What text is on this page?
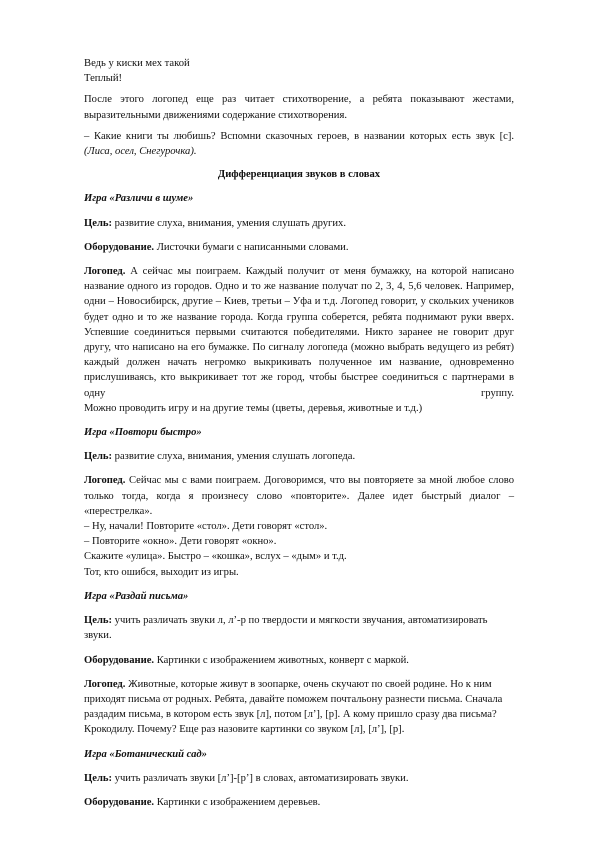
Ведь у киски мех такой

Теплый!

После этого логопед еще раз читает стихотворение, а ребята показывают жестами, выразительными движениями содержание стихотворения.

– Какие книги ты любишь? Вспомни сказочных героев, в названии которых есть звук [с]. (Лиса, осел, Снегурочка).

Дифференциация звуков в словах
Игра «Различи в шуме»

Цель: развитие слуха, внимания, умения слушать других.

Оборудование. Листочки бумаги с написанными словами.

Логопед. А сейчас мы поиграем. Каждый получит от меня бумажку, на которой написано название одного из городов. Одно и то же название получат по 2, 3, 4, 5,6 человек. Например, одни – Новосибирск, другие – Киев, третьи – Уфа и т.д. Логопед говорит, у скольких учеников будет одно и то же название города. Когда группа соберется, ребята поднимают руки вверх. Успевшие соединиться первыми считаются победителями. Никто заранее не говорит друг другу, что написано на его бумажке. По сигналу логопеда (можно выбрать ведущего из ребят) каждый должен начать негромко выкрикивать полученное им название, одновременно прислушиваясь, кто выкрикивает тот же город, чтобы быстрее соединиться с партнерами в одну группу.

Можно проводить игру и на другие темы (цветы, деревья, животные и т.д.)

Игра «Повтори быстро»

Цель: развитие слуха, внимания, умения слушать логопеда.

Логопед. Сейчас мы с вами поиграем. Договоримся, что вы повторяете за мной любое слово только тогда, когда я произнесу слово «повторите». Далее идет быстрый диалог – «перестрелка».

– Ну, начали! Повторите «стол». Дети говорят «стол».
– Повторите «окно». Дети говорят «окно».
Скажите «улица». Быстро – «кошка», вслух – «дым» и т.д.
Тот, кто ошибся, выходит из игры.
Игра «Раздай письма»

Цель: учить различать звуки л, л’-р по твердости и мягкости звучания, автоматизировать звуки.

Оборудование. Картинки с изображением животных, конверт с маркой.

Логопед. Животные, которые живут в зоопарке, очень скучают по своей родине. Но к ним приходят письма от родных. Ребята, давайте поможем почтальону разнести письма. Сначала раздадим письма, в котором есть звук [л], потом [л’], [р]. А кому пришло сразу два письма? Крокодилу. Почему? Еще раз назовите картинки со звуком [л], [л’], [р].

Игра «Ботанический сад»

Цель: учить различать звуки [л’]-[р’] в словах, автоматизировать звуки.

Оборудование. Картинки с изображением деревьев.
